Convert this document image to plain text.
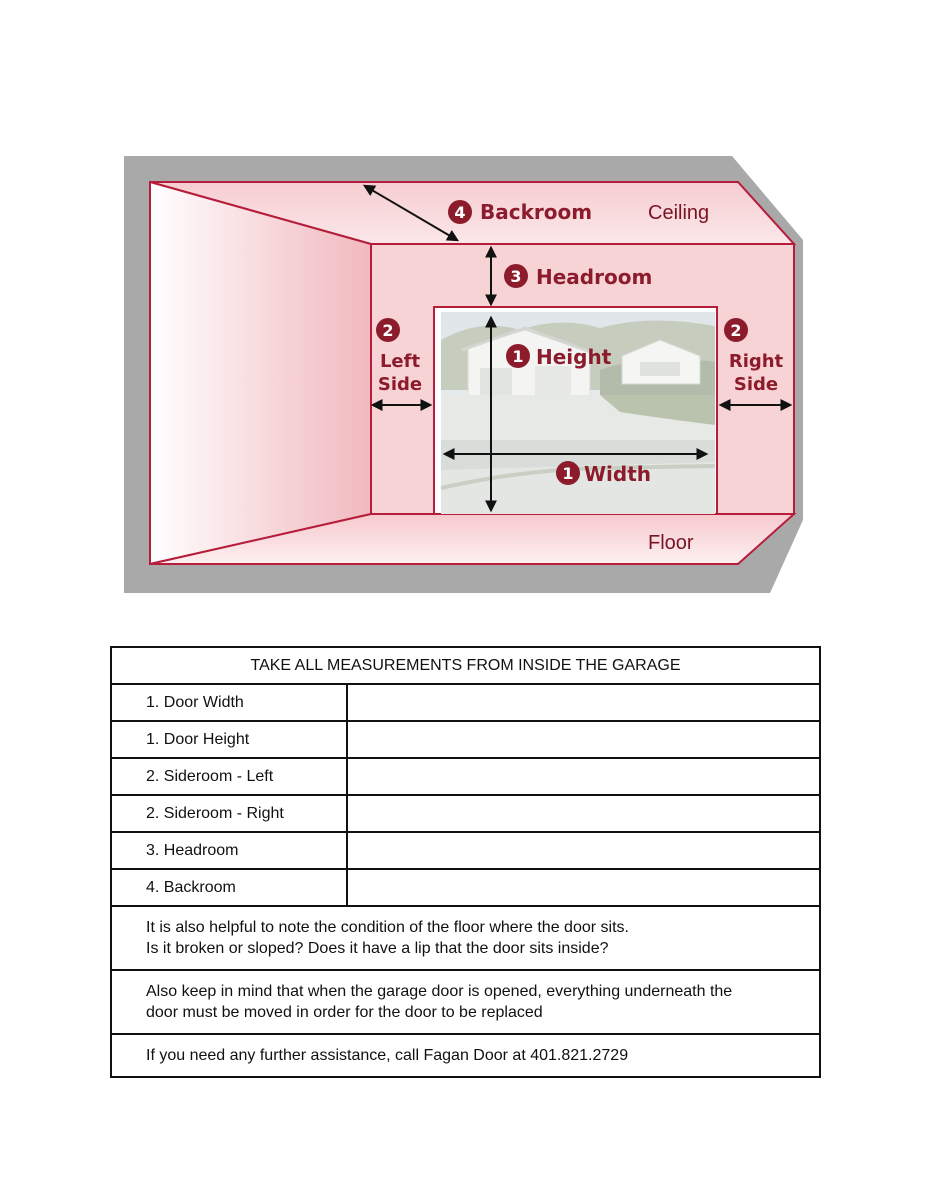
4 Backroom
3 Headroom
1 Height
1 Width
2
Left
Side
2
Right
Side
Ceiling
Floor
TAKE ALL MEASUREMENTS FROM INSIDE THE GARAGE	
1. Door Width	
1. Door Height	
2. Sideroom - Left	
2. Sideroom - Right	
3. Headroom	
4. Backroom	

It is also helpful to note the condition of the floor where the door sits.
Is it broken or sloped? Does it have a lip that the door sits inside?	

Also keep in mind that when the garage door is opened, everything underneath the
door must be moved in order for the door to be replaced	

If you need any further assistance, call Fagan Door at 401.821.2729	
